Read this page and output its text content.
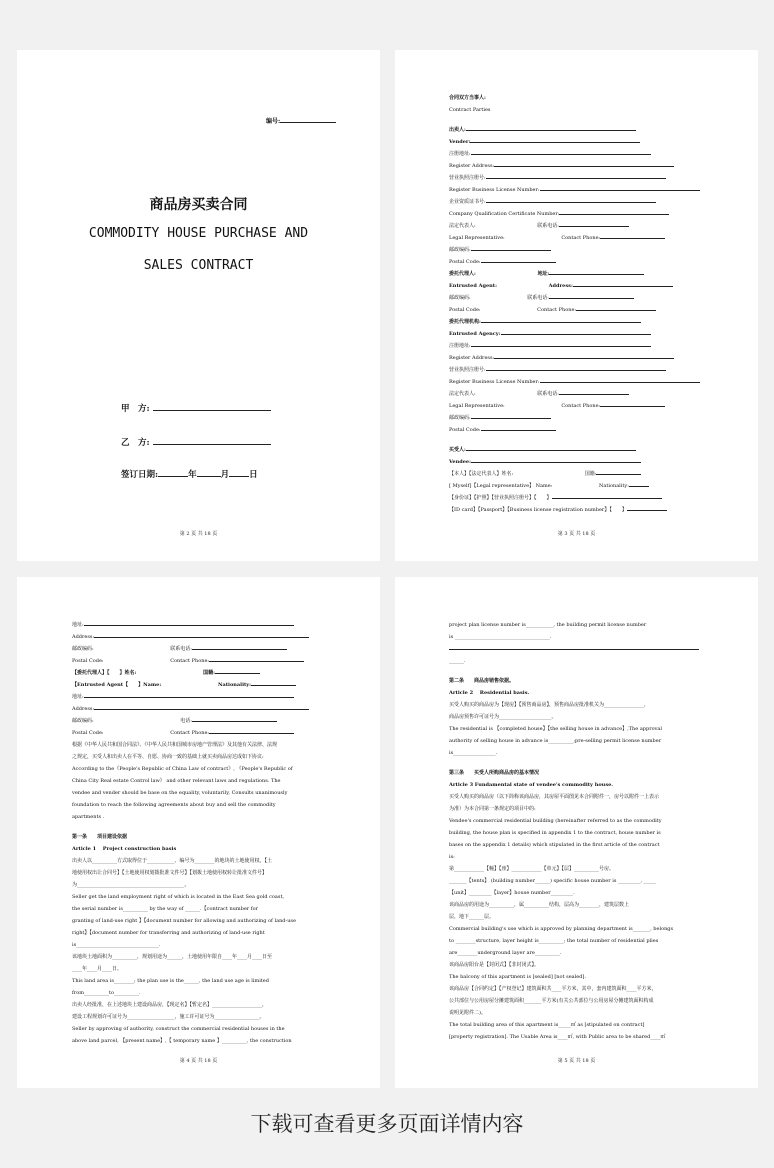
编号:
商品房买卖合同
COMMODITY HOUSE PURCHASE AND
SALES CONTRACT
甲　方:
乙　方:
签订日期:	年	月 日
第 2 页 共 18 页
合同双方当事人:
Contract Parties
出卖人:
Vender:
注册地址:
Register Address:
营业执照注册号:
Register Business License Number:
企业资质证书号:
Company Qualification Certificate Number:
法定代表人:　　　　　　　　　　　　 联系电话:
Legal Representative:　　　　　　　　　　　 Contact Phone:
邮政编码:
Postal Code:
委托代理人:　　　　　　　　　　　　 地址:
Entrusted Agent:　　　　　　　　　　 Address:
邮政编码:　　　　　　　　　　　 联系电话:
Postal Code:　　　　　　　　　　　 Contact Phone:
委托代理机构:
Entrusted Agency:
注册地址:
Register Address:
营业执照注册号:
Register Business License Number:
法定代表人:　　　　　　　　　　　　 联系电话:
Legal Representative:　　　　　　　　　　　 Contact Phone:
邮政编码:
Postal Code:
买受人:
Vendee:
【本人】【法定代表人】姓名:　　　　　　　　　　　　　　 国籍:
[ Myself]【Legal representative】 Name:　　　　　　　　　 Nationality:
【身份证】【护照】【营业执照注册号】【　　】
【ID card】【Passport】【Business license registration number】【　　】
第 3 页 共 18 页
地址:
Address:
邮政编码:　　　　　　　　　　　　　　　 联系电话:
Postal Code:　　　　　　　　　　　　　 Contact Phone:
【委托代理人】【　　】姓名:　　　　　　　　　　　　　 国籍:
【Entrusted Agent【　　】Name:　　　　　　　　　　　 Nationality:
地址:
Address:
邮政编码:　　　　　　　　　　　　　　　　　 电话:
Postal Code:　　　　　　　　　　　　　 Contact Phone:
根据《中华人民共和国合同法》、《中华人民共和国城市房地产管理法》及其他有关法律、法规
之规定，买受人和出卖人在平等、自愿、协商一致的基础上就买卖商品房达成如下协议:
According to the《People's Republic of China Law of contract》, 《People's Republic of
China City Real estate Control law》 and other relevant laws and regulations. The
vendee and vender should be base on the equality, voluntarily, Consults unanimously
foundation to reach the following agreements about buy and sell the commodity
apartments .
第一条　　项目建设依据
Article 1　 Project construction basis
出卖人以__________方式取得位于___________、编号为________的地块的土地使用权。【土
地使用权出让合同号】【土地使用权划拨批准文件号】【划拨土地使用权转让批准文件号】
为___________________________________________。
Seller get the land employment right of which is located in the East Sea gold coast,
the serial number is__________ by the way of ______.【contract number for
granting of land-use right 】【document number for allowing and authorizing of land-use
right】【document number for transferring and authorizing of land-use right
is_________________________________.
该地块土地面积为__________，规划用途为______，土地使用年限自____年____月____日至
____年____月____日。
This land area is________; the plan use is the______, the land use age is limited
from__________to__________.
出卖人经批准，在上述地块上建设商品房，【现定名】【暂定名】____________________，
建设工程规划许可证号为___________________，施工许可证号为__________________。
Seller by approving of authority, construct the commercial residential houses in the
above land parcel, 【present name】,【 temporary name 】__________, the construction
第 4 页 共 18 页
project plan license number is___________, the building permit license number
is ______________________________________.
______.
第二条　　商品房销售依据。
Article 2　 Residential basis.
买受人购买的商品房为【现房】【预售商品房】，预售商品房批准机关为________________，
商品房预售许可证号为_____________________。
The residential is 【completed house】【the selling house in advance】,The approval
authority of selling house in advance is__________;pre-selling permit license number
is_________________.
第三条　　买受人所购商品房的基本情况
Article 3 Fundamental state of vendee's commodity house.
买受人购买的商品房（以下简称该商品房，其房屋平面图见本合同附件一，房号以附件一上表示
为准）为本合同第一条规定的项目中的:
Vendee's commercial residential building (hereinafter referred to as the commodity
building, the house plan is specified in appendix 1 to the contract, house number is
bases on the appendix 1 details) which stipulated in the first article of the contract
is:
第____________【幢】【座】____________【单元】【层】__________号房。
_______【tents】 (building number______) specific house number is _________, _____
【unit】_________【layer】house number_________.
该商品房的用途为__________，属__________结构，层高为________，建筑层数上
层，地下______层。
Commercial building's use which is approved by planning department is_______, belongs
to ________structure, layer height is__________; the total number of residential plies
are________underground layer are__________.
该商品房阳台是【封闭式】【非封闭式】。
The balcony of this apartment is [sealed] [not sealed].
该商品房【合同约定】【产权登记】建筑面积共____平方米，其中，套内建筑面积____平方米，
公共部位与公用房屋分摊建筑面积_______平方米(有关公共部位与公用房屋分摊建筑面积构成
说明见附件二)。
The total building area of this apartment is_____㎡ as [stipulated on contract]
[property registration]. The Usable Area is____㎡, with Public area to be shared____㎡
第 5 页 共 18 页
下载可查看更多页面详情内容
